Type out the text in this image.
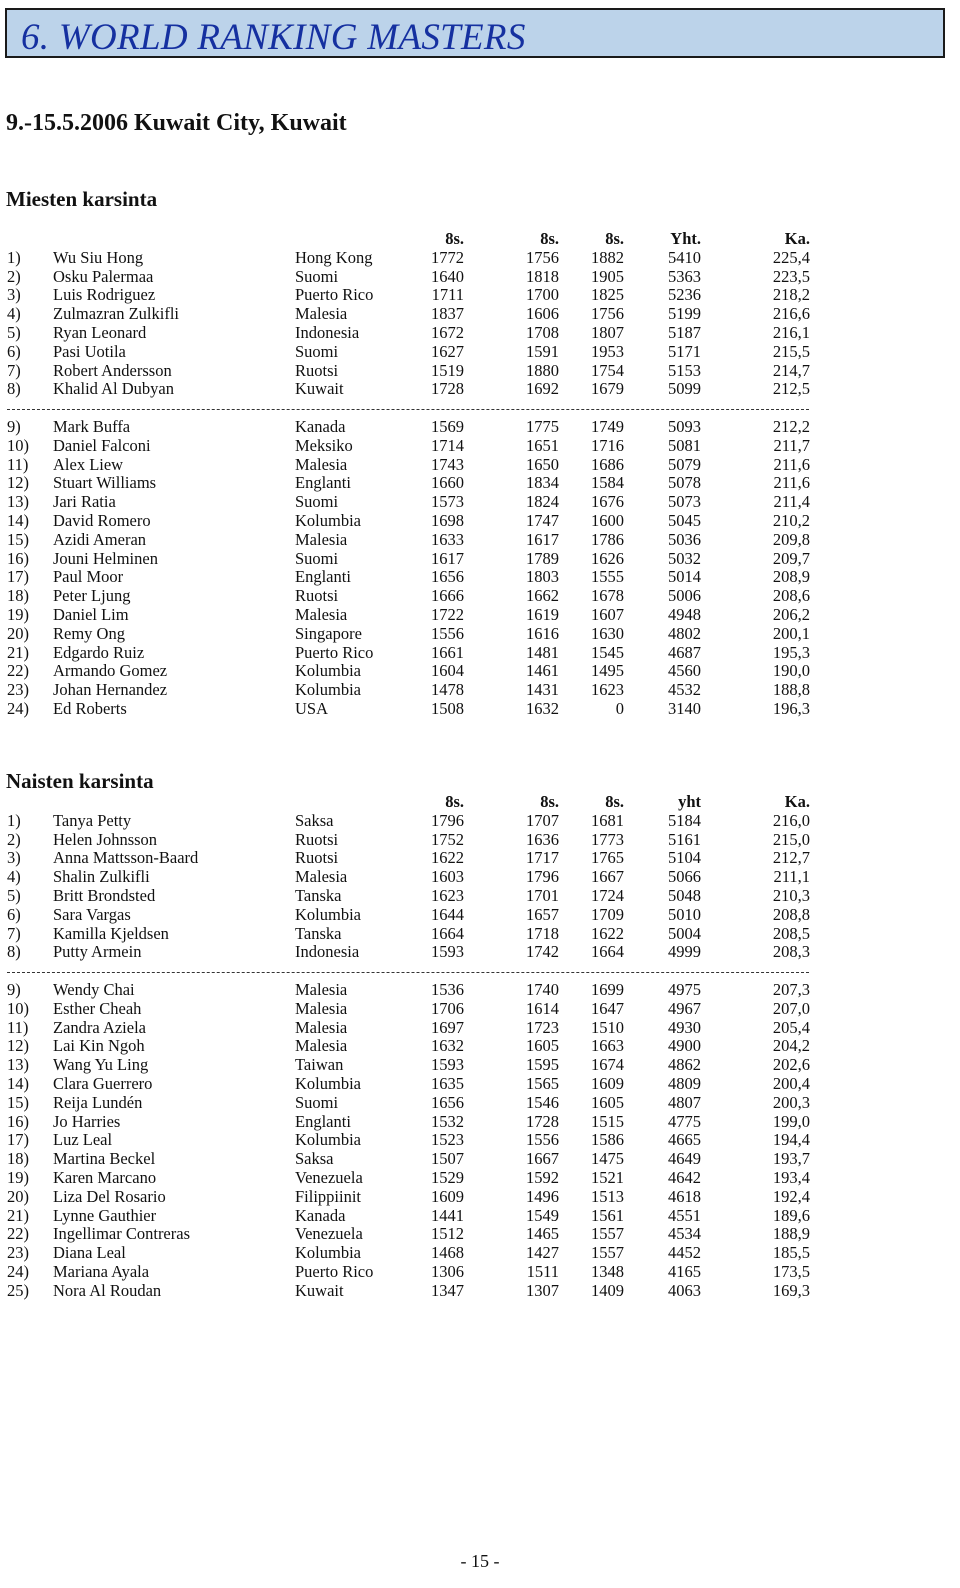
6. WORLD RANKING MASTERS
9.-15.5.2006 Kuwait City, Kuwait
Miesten karsinta
8s.	8s.	8s.	Yht.	Ka.
1) Wu Siu Hong	Hong Kong	1772	1756 1882	5410	225,4
2) Osku Palermaa	Suomi	1640	1818 1905	5363	223,5
3) Luis Rodriguez	Puerto Rico	1711	1700 1825	5236	218,2
4) Zulmazran Zulkifli	Malesia	1837	1606 1756	5199	216,6
5) Ryan Leonard	Indonesia	1672	1708 1807	5187	216,1
6) Pasi Uotila	Suomi	1627	1591 1953	5171	215,5
7) Robert Andersson	Ruotsi	1519	1880 1754	5153	214,7
8) Khalid Al Dubyan	Kuwait	1728	1692 1679	5099	212,5
9) Mark Buffa	Kanada	1569	1775 1749	5093	212,2
10) Daniel Falconi	Meksiko	1714	1651 1716	5081	211,7
11) Alex Liew	Malesia	1743	1650 1686	5079	211,6
12) Stuart Williams	Englanti	1660	1834 1584	5078	211,6
13) Jari Ratia	Suomi	1573	1824 1676	5073	211,4
14) David Romero	Kolumbia	1698	1747 1600	5045	210,2
15) Azidi Ameran	Malesia	1633	1617 1786	5036	209,8
16) Jouni Helminen	Suomi	1617	1789 1626	5032	209,7
17) Paul Moor	Englanti	1656	1803 1555	5014	208,9
18) Peter Ljung	Ruotsi	1666	1662 1678	5006	208,6
19) Daniel Lim	Malesia	1722	1619 1607	4948	206,2
20) Remy Ong	Singapore	1556	1616 1630	4802	200,1
21) Edgardo Ruiz	Puerto Rico	1661	1481 1545	4687	195,3
22) Armando Gomez	Kolumbia	1604	1461 1495	4560	190,0
23) Johan Hernandez	Kolumbia	1478	1431 1623	4532	188,8
24) Ed Roberts	USA	1508	1632	0	3140	196,3
Naisten karsinta
8s.	8s.	8s.	yht	Ka.
1) Tanya Petty	Saksa	1796	1707 1681	5184	216,0
2) Helen Johnsson	Ruotsi	1752	1636 1773	5161	215,0
3) Anna Mattsson-Baard	Ruotsi	1622	1717 1765	5104	212,7
4) Shalin Zulkifli	Malesia	1603	1796 1667	5066	211,1
5) Britt Brondsted	Tanska	1623	1701 1724	5048	210,3
6) Sara Vargas	Kolumbia	1644	1657 1709	5010	208,8
7) Kamilla Kjeldsen	Tanska	1664	1718 1622	5004	208,5
8) Putty Armein	Indonesia	1593	1742 1664	4999	208,3
9) Wendy Chai	Malesia	1536	1740 1699	4975	207,3
10) Esther Cheah	Malesia	1706	1614 1647	4967	207,0
11) Zandra Aziela	Malesia	1697	1723 1510	4930	205,4
12) Lai Kin Ngoh	Malesia	1632	1605 1663	4900	204,2
13) Wang Yu Ling	Taiwan	1593	1595 1674	4862	202,6
14) Clara Guerrero	Kolumbia	1635	1565 1609	4809	200,4
15) Reija Lundén	Suomi	1656	1546 1605	4807	200,3
16) Jo Harries	Englanti	1532	1728 1515	4775	199,0
17) Luz Leal	Kolumbia	1523	1556 1586	4665	194,4
18) Martina Beckel	Saksa	1507	1667 1475	4649	193,7
19) Karen Marcano	Venezuela	1529	1592 1521	4642	193,4
20) Liza Del Rosario	Filippiinit	1609	1496 1513	4618	192,4
21) Lynne Gauthier	Kanada	1441	1549 1561	4551	189,6
22) Ingellimar Contreras	Venezuela	1512	1465 1557	4534	188,9
23) Diana Leal	Kolumbia	1468	1427 1557	4452	185,5
24) Mariana Ayala	Puerto Rico	1306	1511 1348	4165	173,5
25) Nora Al Roudan	Kuwait	1347	1307 1409	4063	169,3
- 15 -
